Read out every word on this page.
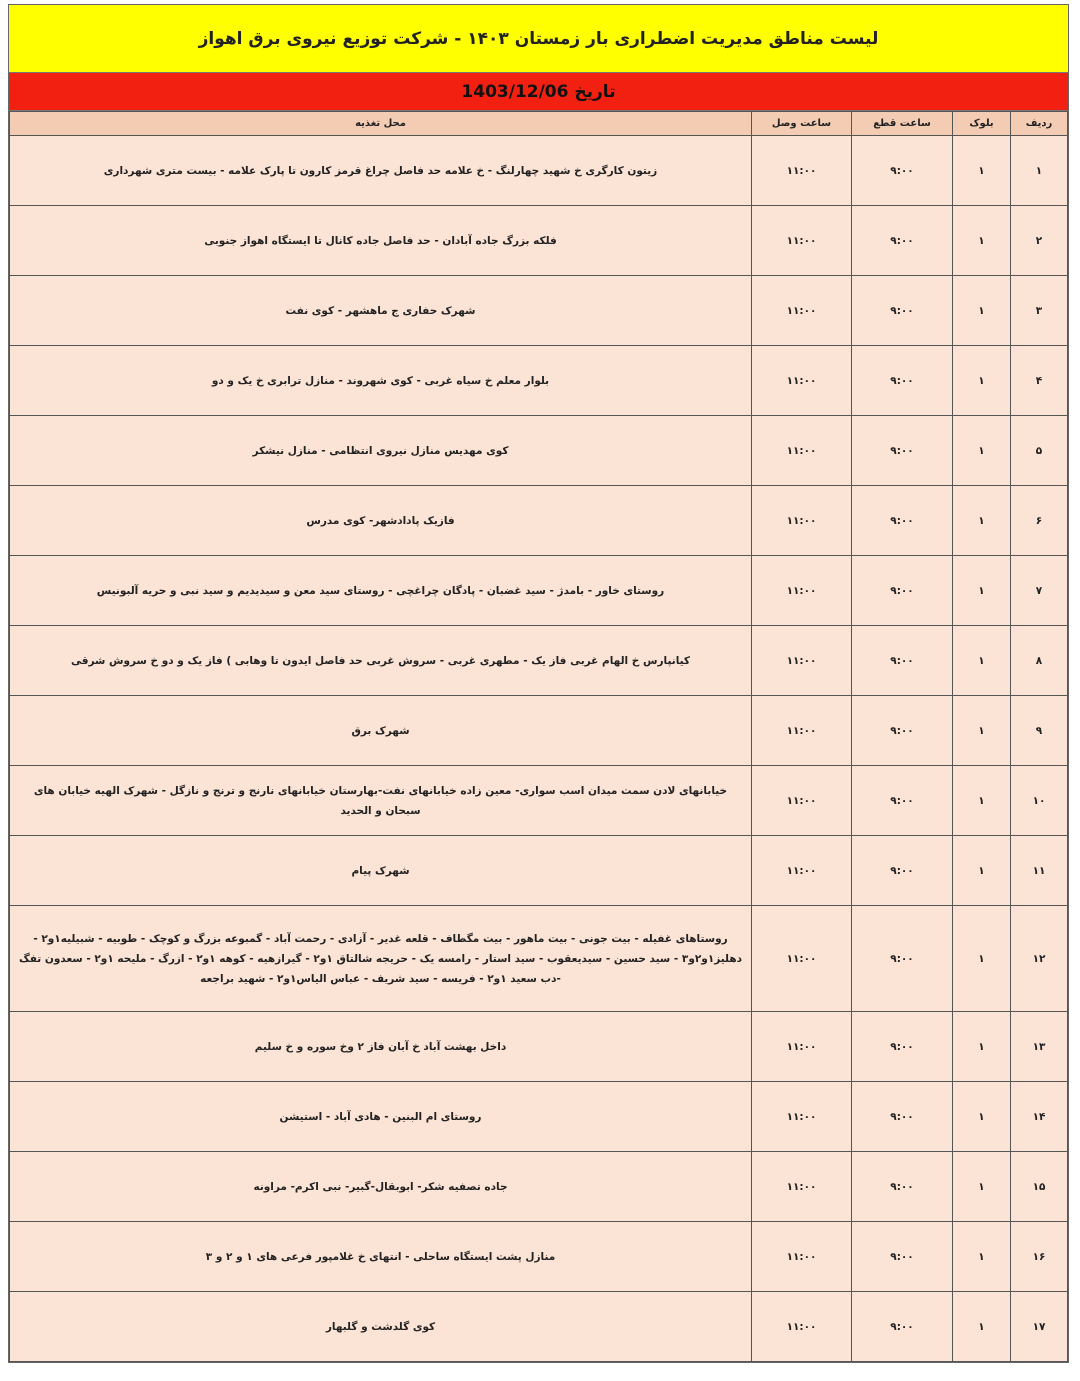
لیست مناطق مدیریت اضطراری بار زمستان ۱۴۰۳ - شرکت توزیع نیروی برق اهواز
تاریخ 1403/12/06
ردیف	بلوک	ساعت قطع	ساعت وصل	محل تغذیه
۱	۱	۹:۰۰	۱۱:۰۰	زیتون کارگری خ شهید چهارلنگ - خ علامه حد فاصل چراغ قرمز کارون تا پارک علامه - بیست متری شهرداری
۲	۱	۹:۰۰	۱۱:۰۰	فلکه بزرگ جاده آبادان - حد فاصل جاده کانال تا ایستگاه اهواز جنوبی
۳	۱	۹:۰۰	۱۱:۰۰	شهرک حفاری ج ماهشهر - کوی نفت
۴	۱	۹:۰۰	۱۱:۰۰	بلوار معلم خ سیاه غربی - کوی شهروند - منازل ترابری خ یک و دو
۵	۱	۹:۰۰	۱۱:۰۰	کوی مهدیس منازل نیروی انتظامی - منازل نیشکر
۶	۱	۹:۰۰	۱۱:۰۰	فازیک پادادشهر- کوی مدرس
۷	۱	۹:۰۰	۱۱:۰۰	روستای خاور - بامدژ - سید غضبان - پادگان چراغچی - روستای سید معن و سیدیدیم و سید نبی و حریه آلبونیس
۸	۱	۹:۰۰	۱۱:۰۰	کیانپارس خ الهام غربی فاز یک - مطهری غربی - سروش غربی حد فاصل ایدون تا وهابی ) فاز یک و دو خ سروش شرقی
۹	۱	۹:۰۰	۱۱:۰۰	شهرک برق
۱۰	۱	۹:۰۰	۱۱:۰۰	خیابانهای لادن سمت میدان اسب سواری- معین زاده خیابانهای نفت-بهارستان خیابانهای نارنج و ترنج و نازگل - شهرک الهیه خیابان های سبحان و الحدید
۱۱	۱	۹:۰۰	۱۱:۰۰	شهرک پیام
۱۲	۱	۹:۰۰	۱۱:۰۰	روستاهای غفیله - بیت جونی - بیت ماهور - بیت مگطاف - قلعه غدیر - آزادی - رحمت آباد - گمبوعه بزرگ و کوچک - طوبیه - شبیلیه۱و۲ - دهلیز۱و۲و۳ - سید حسین - سیدیعقوب - سید استار - رامسه یک - حریجه شالتاق ۱و۲ - گیرازهیه - کوهه ۱و۲ - ازرگ - ملیحه ۱و۲ - سعدون تفگ -دب سعید ۱و۲ - فریسه - سید شریف - عباس الیاس۱و۲ - شهید براجعه
۱۳	۱	۹:۰۰	۱۱:۰۰	داخل بهشت آباد خ آبان فاز ۲ وخ سوره و خ سلیم
۱۴	۱	۹:۰۰	۱۱:۰۰	روستای ام البنین - هادی آباد - استیشن
۱۵	۱	۹:۰۰	۱۱:۰۰	جاده تصفیه شکر- ابوبقال-گبیر- نبی اکرم- مراونه
۱۶	۱	۹:۰۰	۱۱:۰۰	منازل پشت ایستگاه ساحلی - انتهای خ غلامپور فرعی های ۱ و ۲ و ۳
۱۷	۱	۹:۰۰	۱۱:۰۰	کوی گلدشت و گلبهار
